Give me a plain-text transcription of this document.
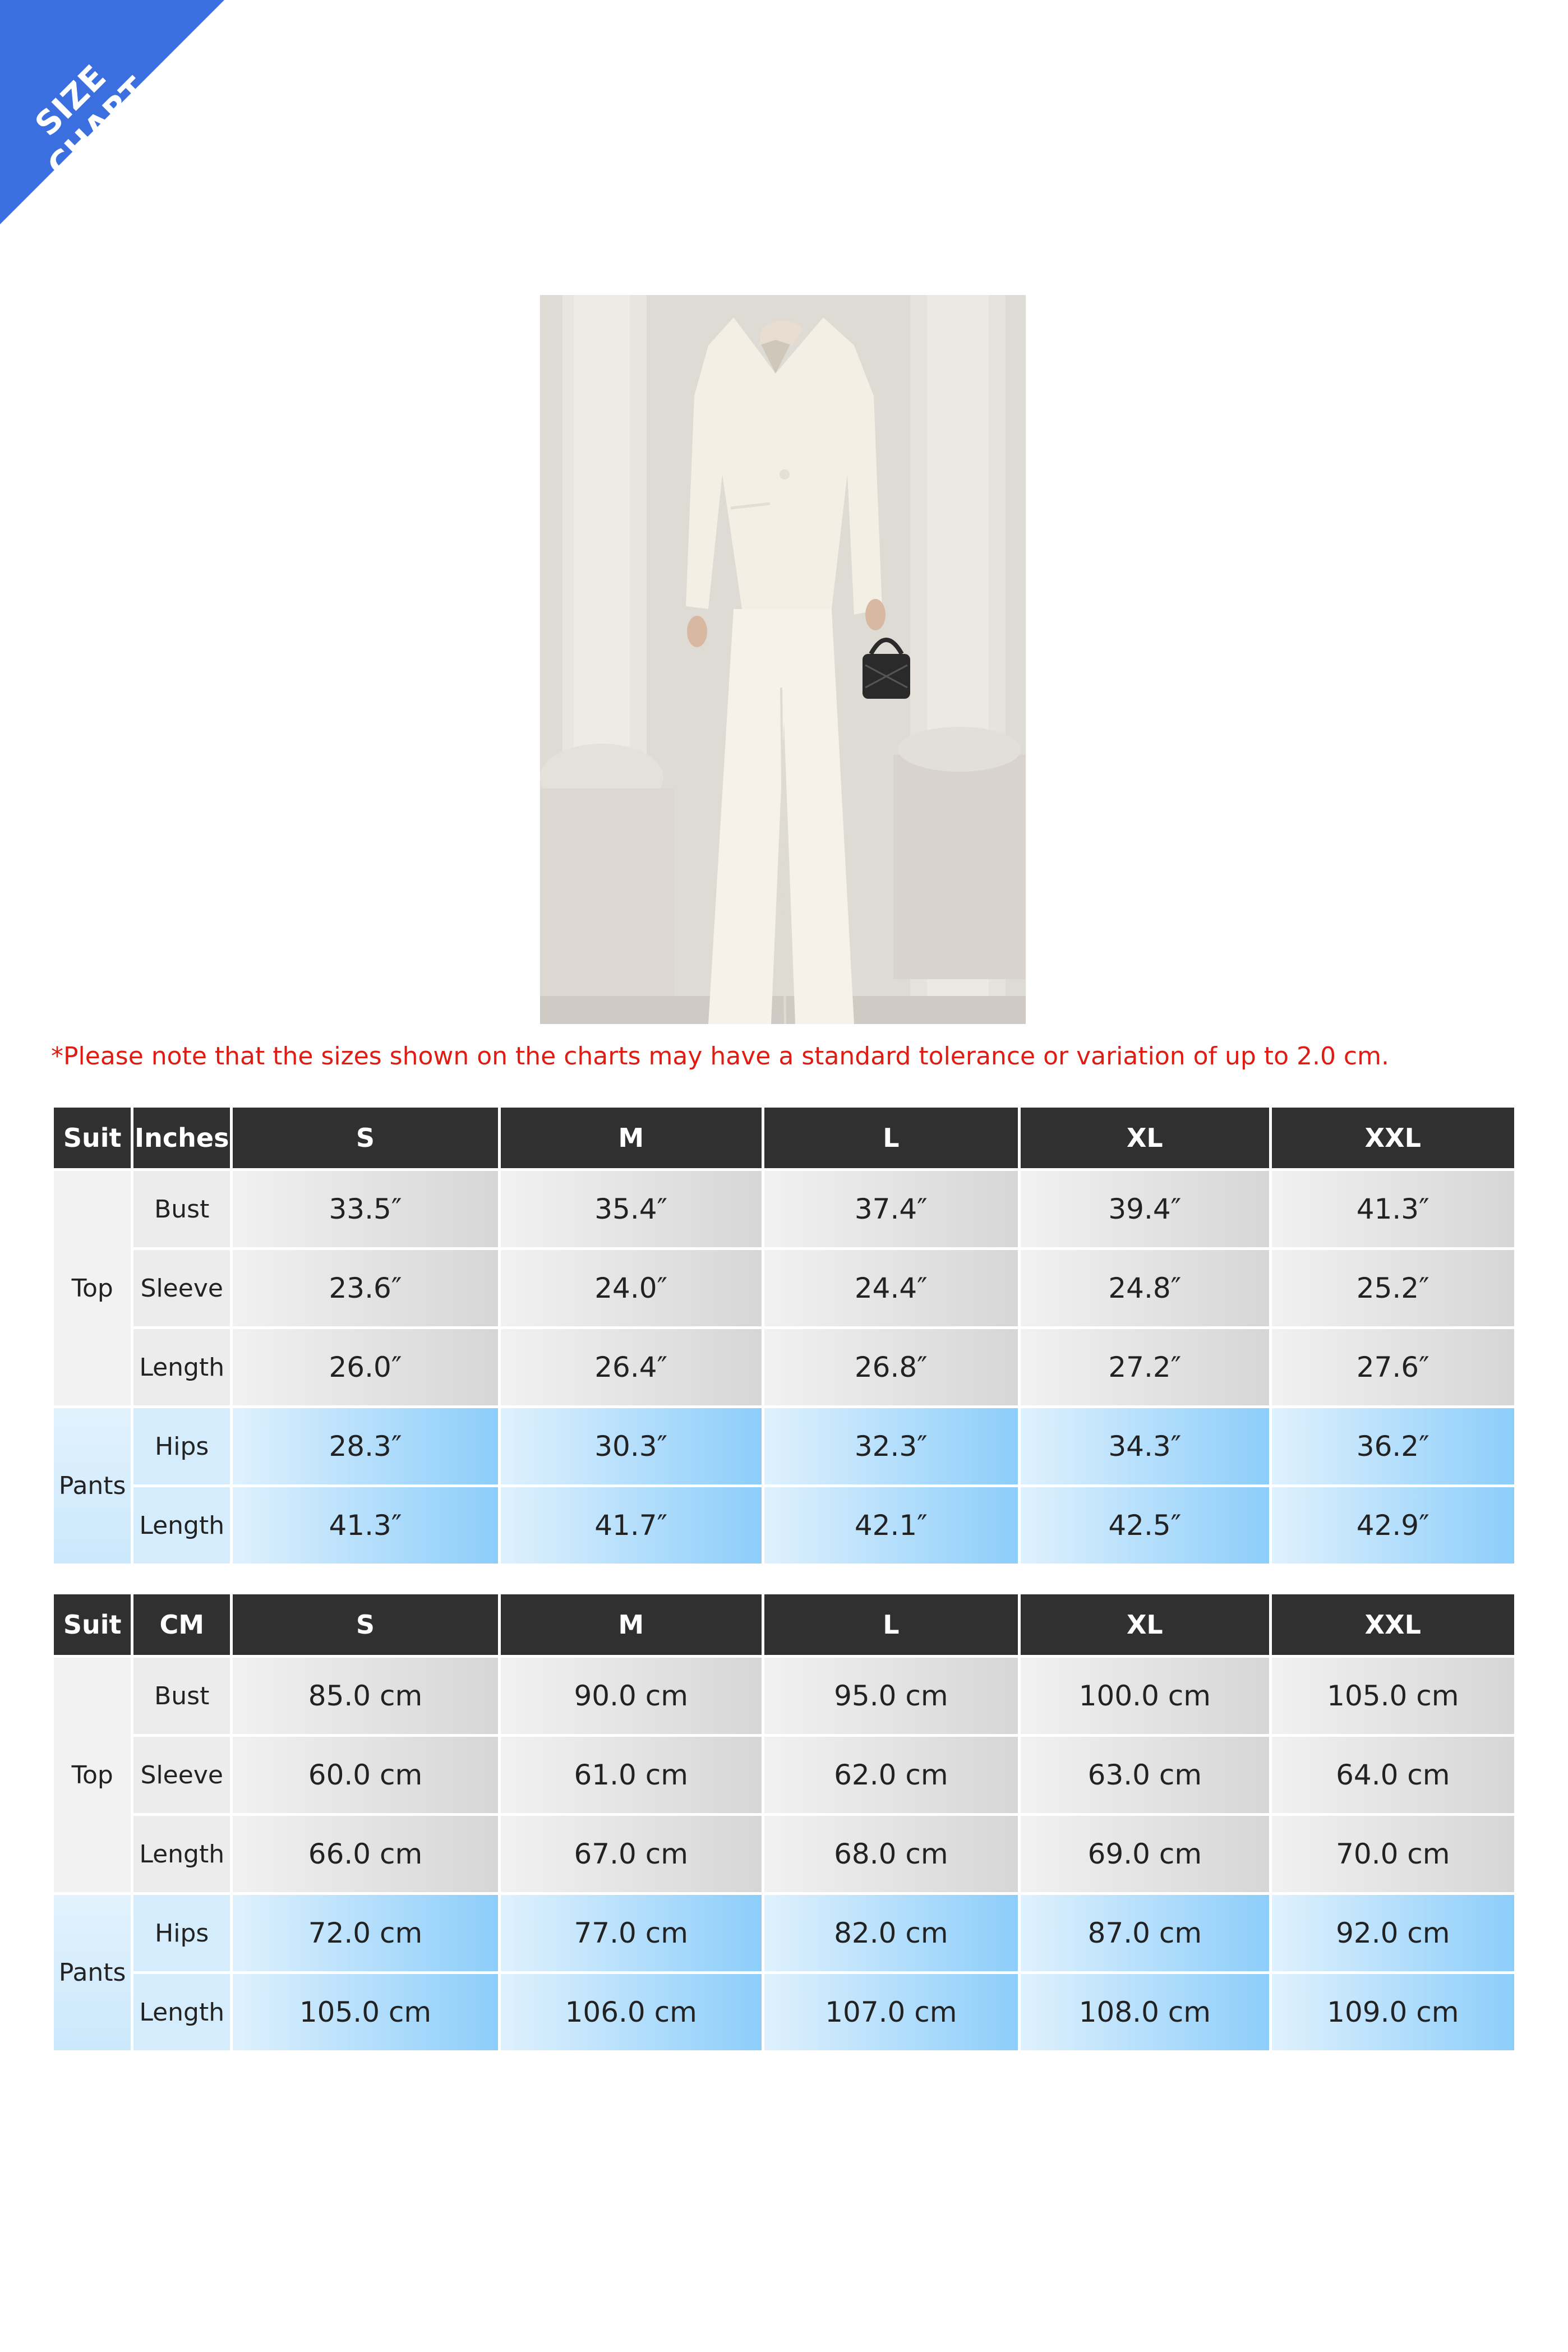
SIZE CHART
*Please note that the sizes shown on the charts may have a standard tolerance or variation of up to 2.0 cm.
Suit	Inches	S	M	L	XL	XXL
Top	Bust	33.5″	35.4″	37.4″	39.4″	41.3″
	Sleeve	23.6″	24.0″	24.4″	24.8″	25.2″
	Length	26.0″	26.4″	26.8″	27.2″	27.6″
Pants	Hips	28.3″	30.3″	32.3″	34.3″	36.2″
	Length	41.3″	41.7″	42.1″	42.5″	42.9″
Suit	CM	S	M	L	XL	XXL
Top	Bust	85.0 cm	90.0 cm	95.0 cm	100.0 cm	105.0 cm
	Sleeve	60.0 cm	61.0 cm	62.0 cm	63.0 cm	64.0 cm
	Length	66.0 cm	67.0 cm	68.0 cm	69.0 cm	70.0 cm
Pants	Hips	72.0 cm	77.0 cm	82.0 cm	87.0 cm	92.0 cm
	Length	105.0 cm	106.0 cm	107.0 cm	108.0 cm	109.0 cm
